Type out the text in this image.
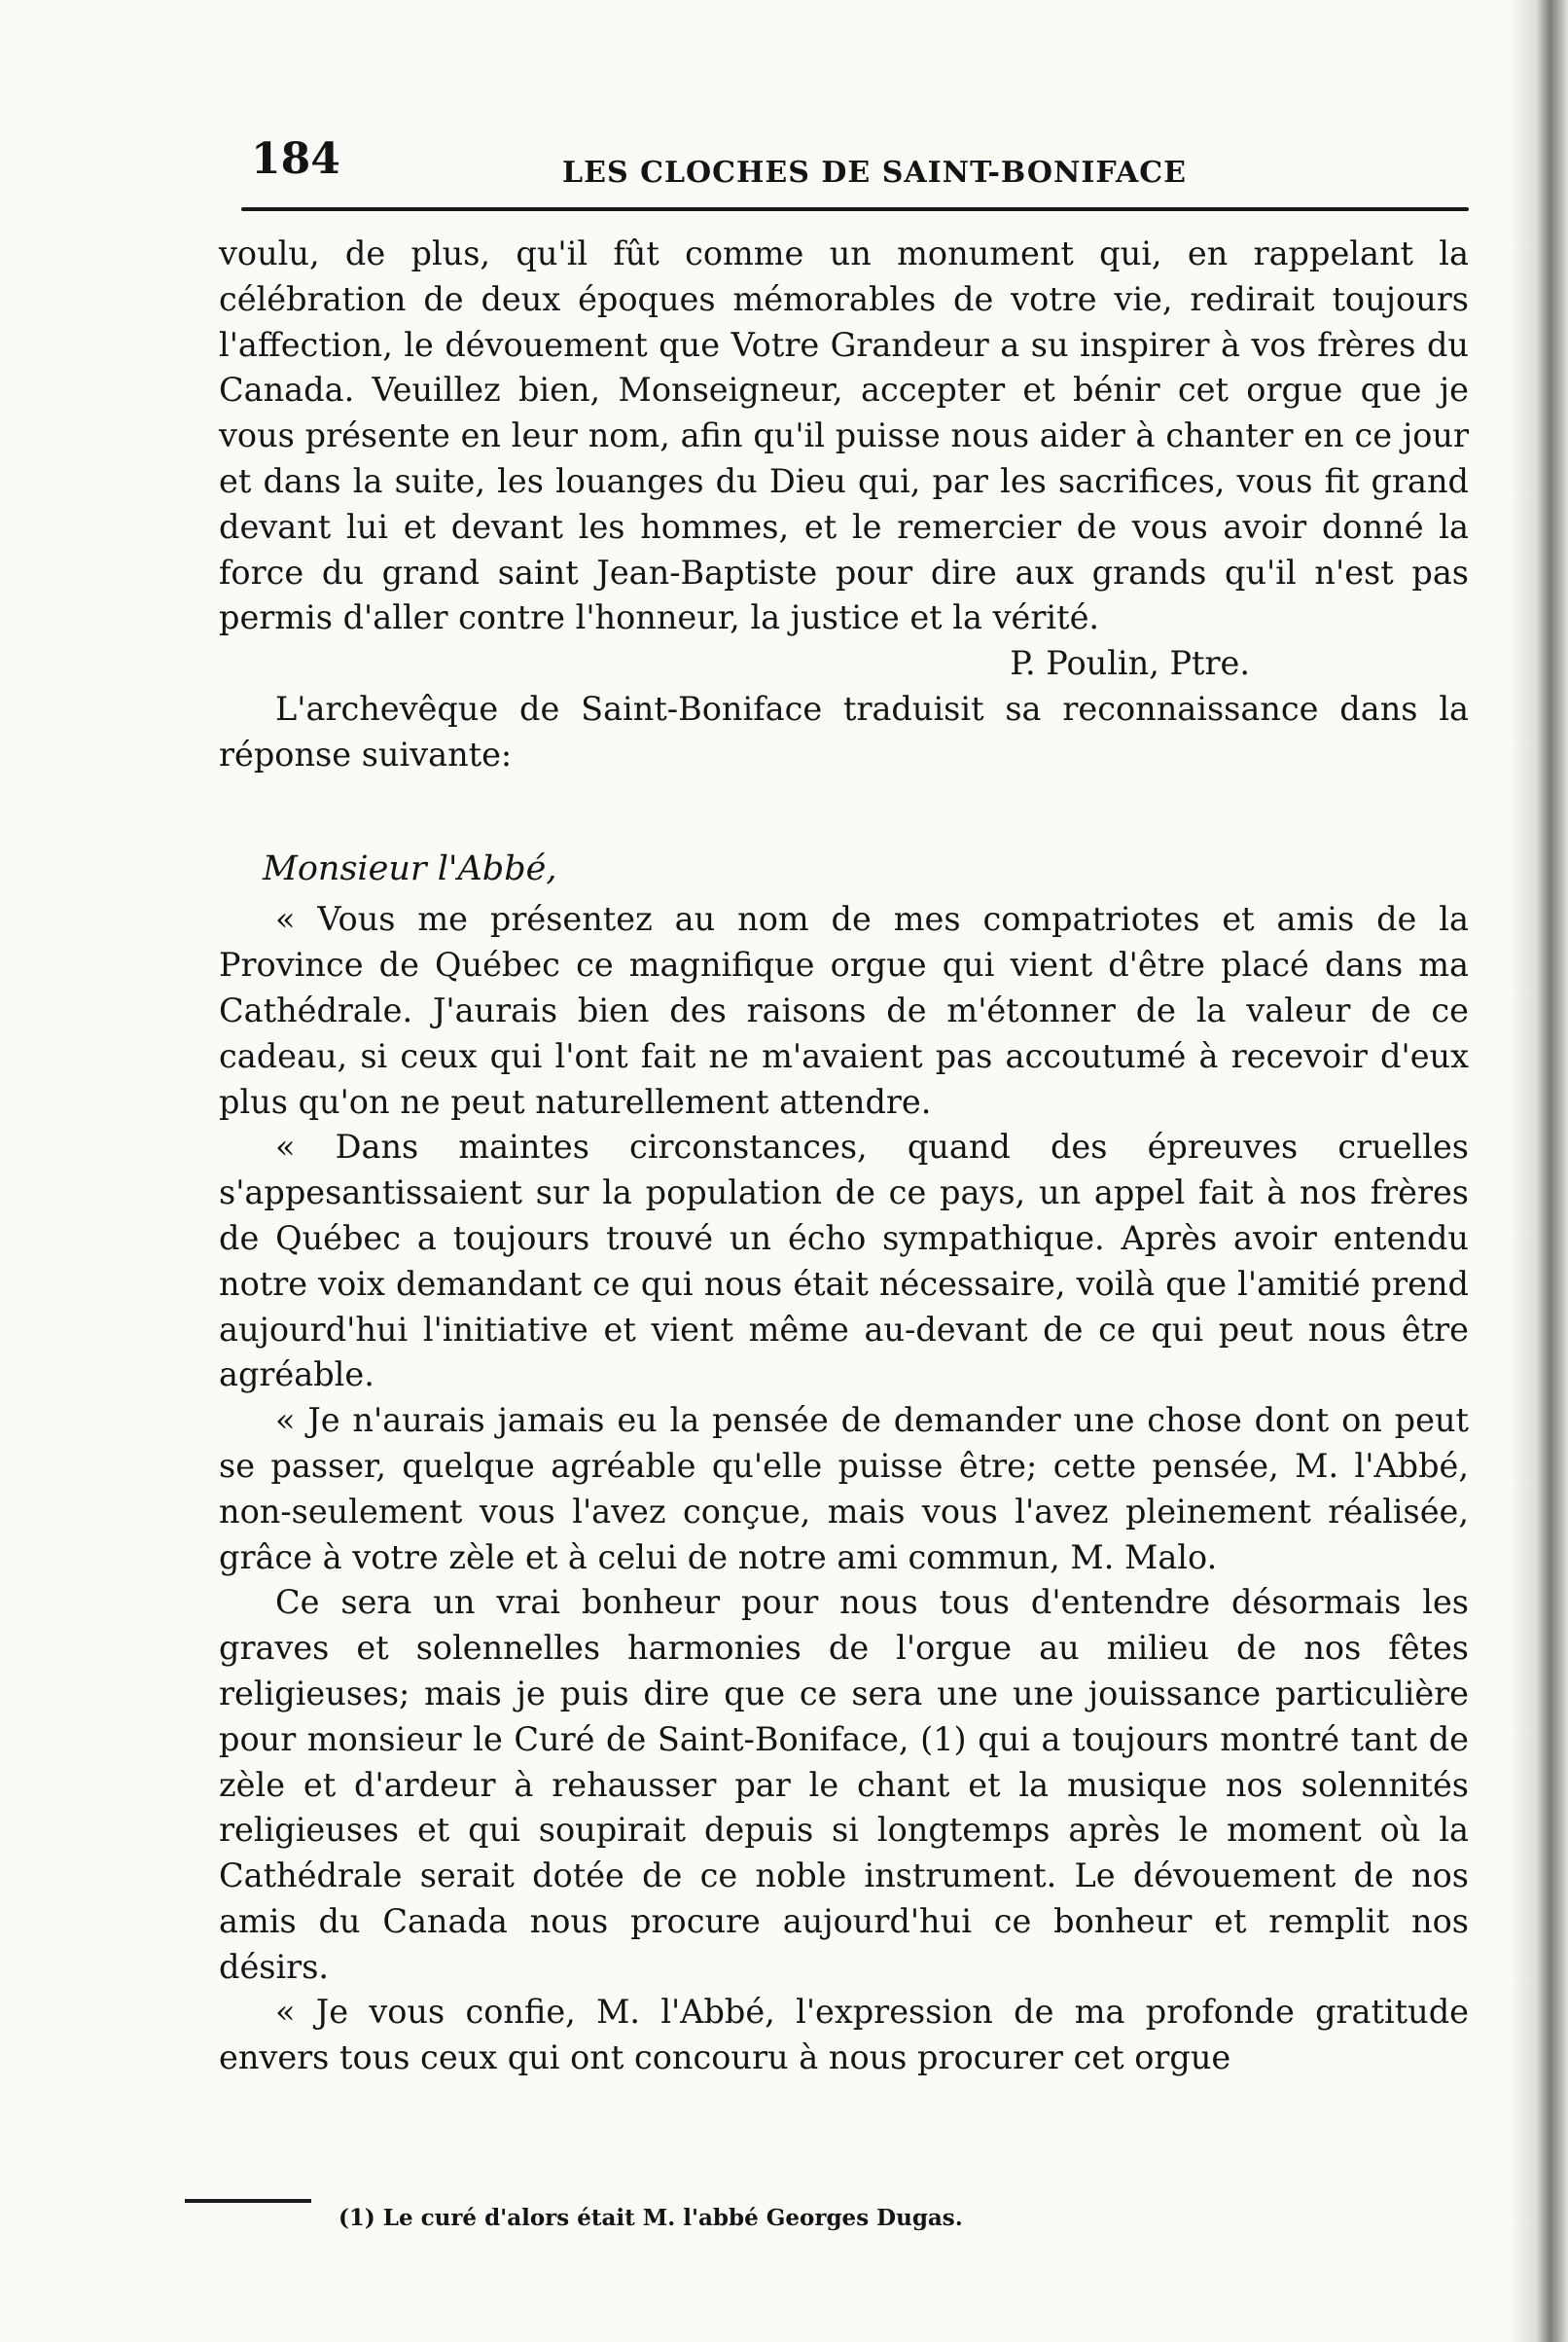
184	LES CLOCHES DE SAINT-BONIFACE

voulu, de plus, qu'il fût comme un monument qui, en rappelant la célébration de deux époques mémorables de votre vie, redirait toujours l'affection, le dévouement que Votre Grandeur a su inspirer à vos frères du Canada. Veuillez bien, Monseigneur, accepter et bénir cet orgue que je vous présente en leur nom, afin qu'il puisse nous aider à chanter en ce jour et dans la suite, les louanges du Dieu qui, par les sacrifices, vous fit grand devant lui et devant les hommes, et le remercier de vous avoir donné la force du grand saint Jean-Baptiste pour dire aux grands qu'il n'est pas permis d'aller contre l'honneur, la justice et la vérité.

P. Poulin, Ptre.

L'archevêque de Saint-Boniface traduisit sa reconnaissance dans la réponse suivante:

Monsieur l'Abbé,

« Vous me présentez au nom de mes compatriotes et amis de la Province de Québec ce magnifique orgue qui vient d'être placé dans ma Cathédrale. J'aurais bien des raisons de m'étonner de la valeur de ce cadeau, si ceux qui l'ont fait ne m'avaient pas accoutumé à recevoir d'eux plus qu'on ne peut naturellement attendre.

« Dans maintes circonstances, quand des épreuves cruelles s'appesantissaient sur la population de ce pays, un appel fait à nos frères de Québec a toujours trouvé un écho sympathique. Après avoir entendu notre voix demandant ce qui nous était nécessaire, voilà que l'amitié prend aujourd'hui l'initiative et vient même au-devant de ce qui peut nous être agréable.

« Je n'aurais jamais eu la pensée de demander une chose dont on peut se passer, quelque agréable qu'elle puisse être; cette pensée, M. l'Abbé, non-seulement vous l'avez conçue, mais vous l'avez pleinement réalisée, grâce à votre zèle et à celui de notre ami commun, M. Malo.

Ce sera un vrai bonheur pour nous tous d'entendre désormais les graves et solennelles harmonies de l'orgue au milieu de nos fêtes religieuses; mais je puis dire que ce sera une une jouissance particulière pour monsieur le Curé de Saint-Boniface, (1) qui a toujours montré tant de zèle et d'ardeur à rehausser par le chant et la musique nos solennités religieuses et qui soupirait depuis si longtemps après le moment où la Cathédrale serait dotée de ce noble instrument. Le dévouement de nos amis du Canada nous procure aujourd'hui ce bonheur et remplit nos désirs.

« Je vous confie, M. l'Abbé, l'expression de ma profonde gratitude envers tous ceux qui ont concouru à nous procurer cet orgue

(1) Le curé d'alors était M. l'abbé Georges Dugas.
